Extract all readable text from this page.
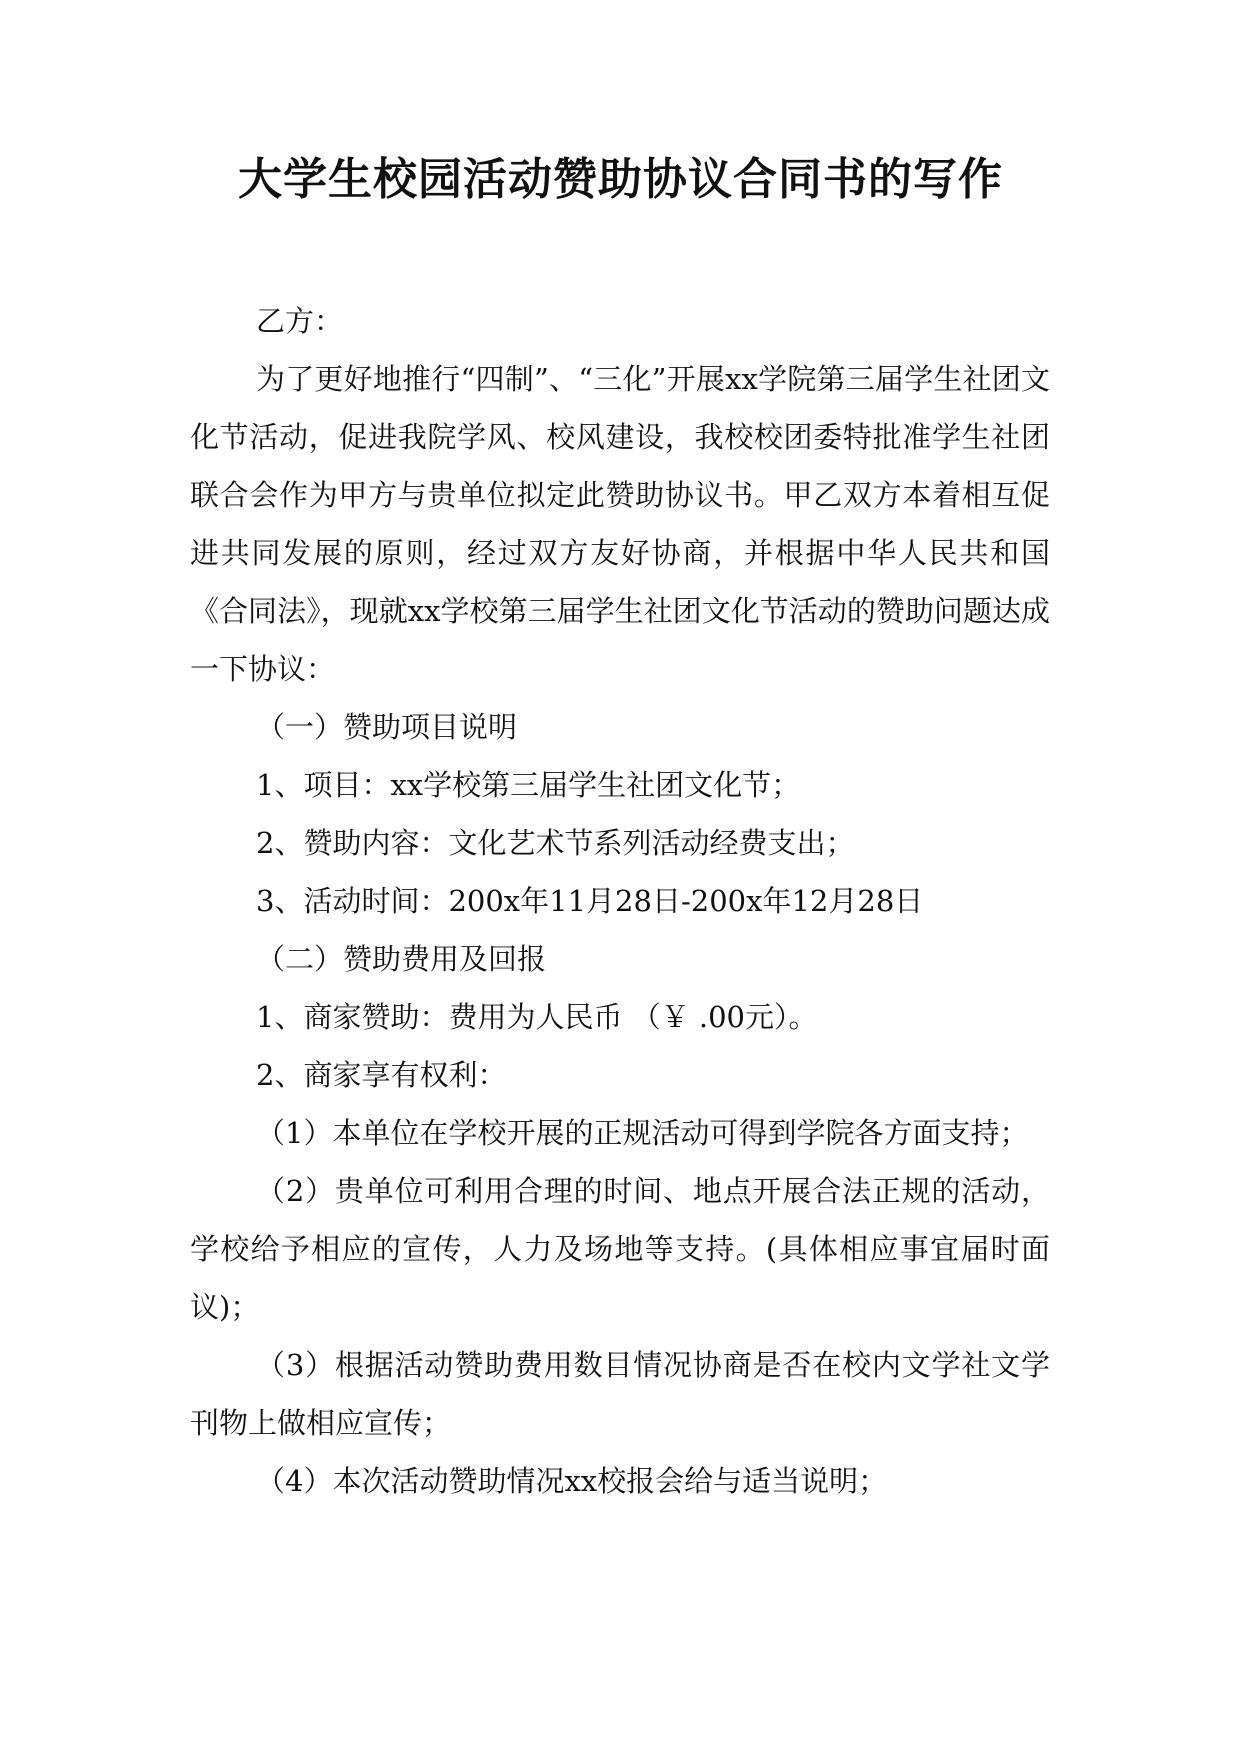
大学生校园活动赞助协议合同书的写作

乙方：

为了更好地推行“四制”、“三化”开展xx学院第三届学生社团文化节活动，促进我院学风、校风建设，我校校团委特批准学生社团联合会作为甲方与贵单位拟定此赞助协议书。甲乙双方本着相互促进共同发展的原则，经过双方友好协商，并根据中华人民共和国《合同法》，现就xx学校第三届学生社团文化节活动的赞助问题达成一下协议：

（一）赞助项目说明

1、项目：xx学校第三届学生社团文化节；

2、赞助内容：文化艺术节系列活动经费支出；

3、活动时间：200x年11月28日-200x年12月28日

（二）赞助费用及回报

1、商家赞助：费用为人民币 （￥ .00元）。

2、商家享有权利：

（1）本单位在学校开展的正规活动可得到学院各方面支持；

（2）贵单位可利用合理的时间、地点开展合法正规的活动，学校给予相应的宣传，人力及场地等支持。(具体相应事宜届时面议)；

（3）根据活动赞助费用数目情况协商是否在校内文学社文学刊物上做相应宣传；

（4）本次活动赞助情况xx校报会给与适当说明；
